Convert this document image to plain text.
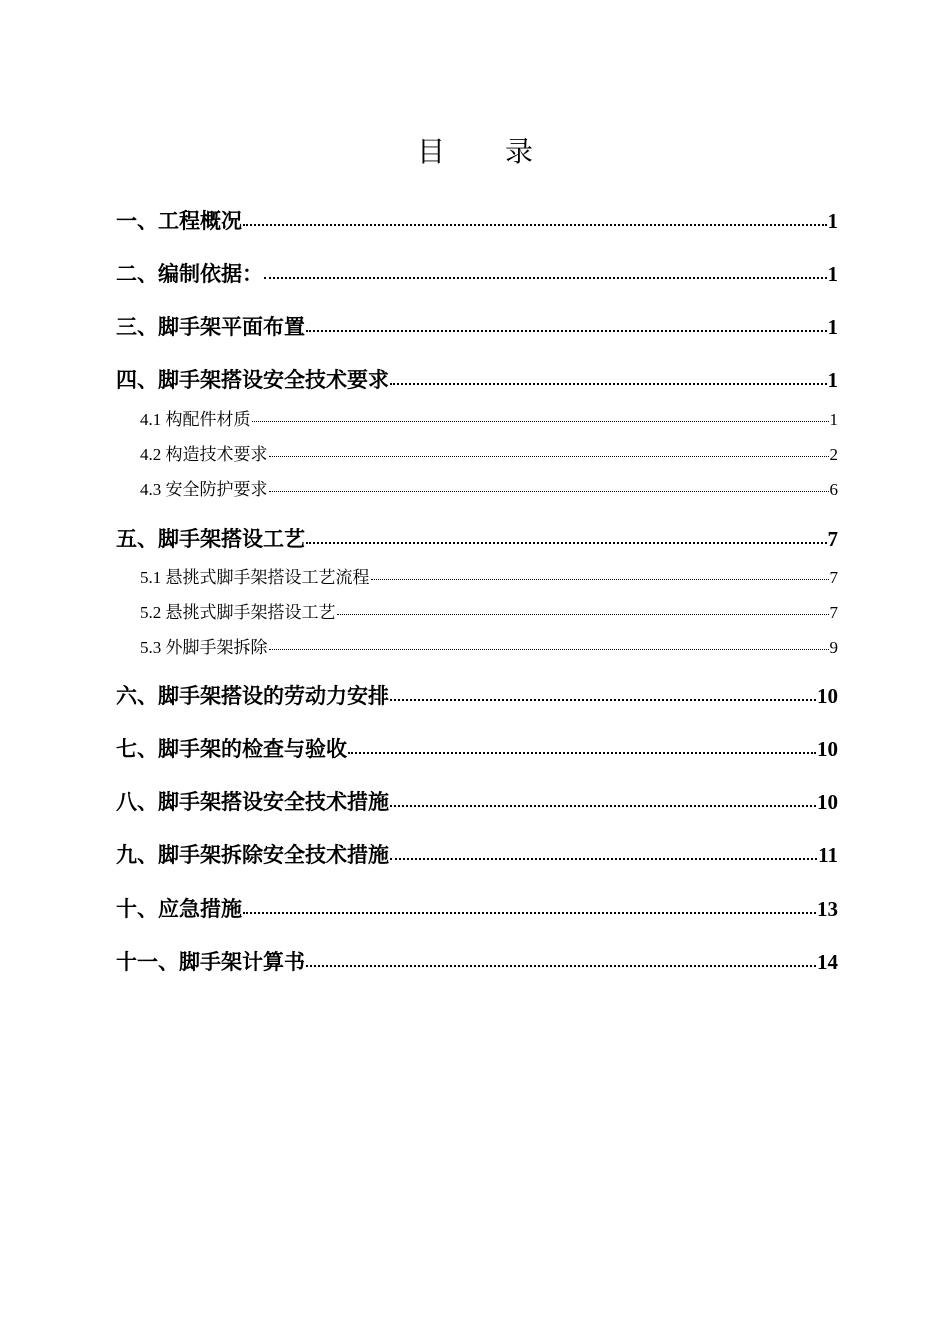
目 录
一、工程概况	1
二、编制依据：	1
三、脚手架平面布置	1
四、脚手架搭设安全技术要求	1
4.1 构配件材质	1
4.2 构造技术要求	2
4.3 安全防护要求	6
五、脚手架搭设工艺	7
5.1 悬挑式脚手架搭设工艺流程	7
5.2 悬挑式脚手架搭设工艺	7
5.3 外脚手架拆除	9
六、脚手架搭设的劳动力安排	10
七、脚手架的检查与验收	10
八、脚手架搭设安全技术措施	10
九、脚手架拆除安全技术措施	11
十、应急措施	13
十一、脚手架计算书	14
